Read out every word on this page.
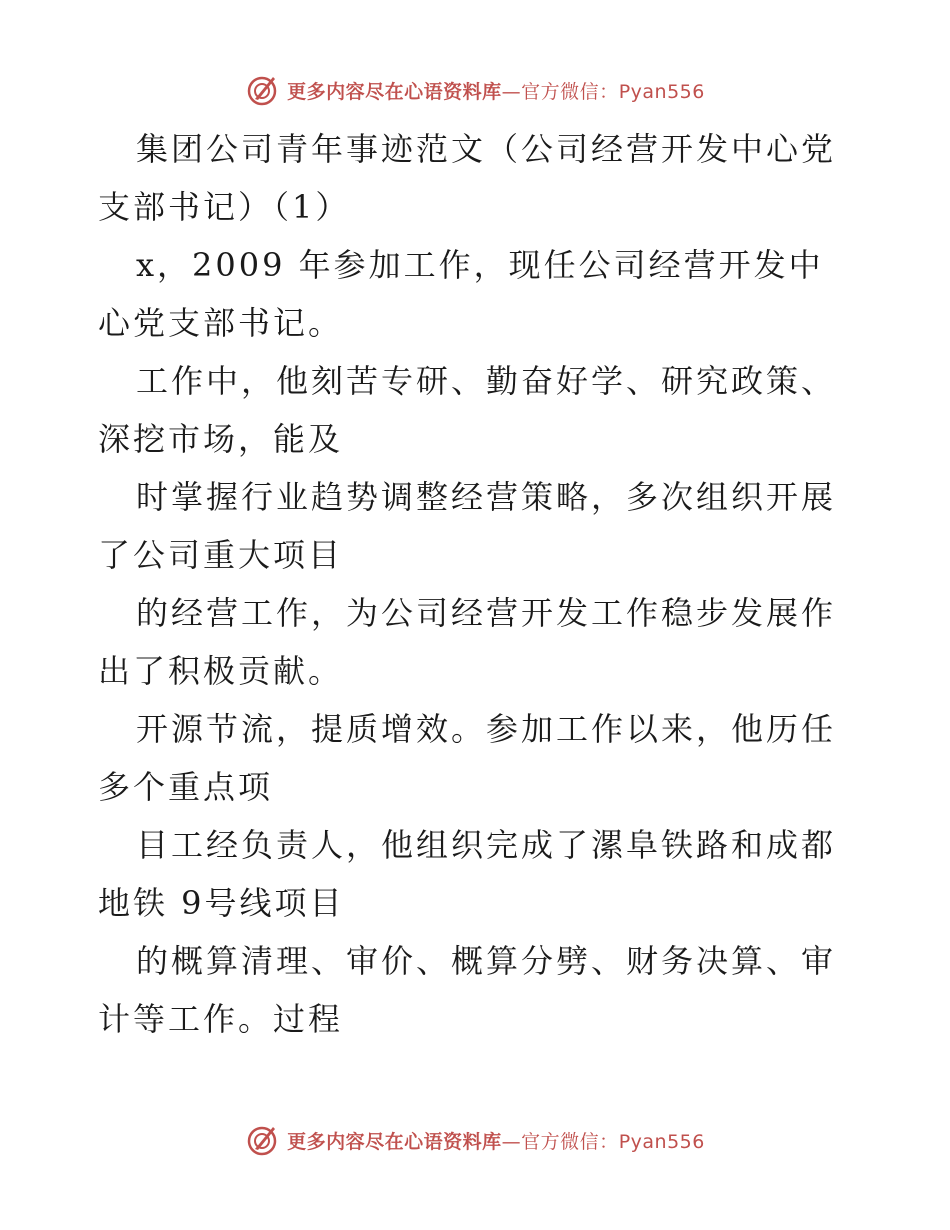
更多内容尽在心语资料库—官方微信：Pyan556

集团公司青年事迹范文（公司经营开发中心党支部书记）（1）

x，2009 年参加工作，现任公司经营开发中心党支部书记。

工作中，他刻苦专研、勤奋好学、研究政策、深挖市场，能及

时掌握行业趋势调整经营策略，多次组织开展了公司重大项目

的经营工作，为公司经营开发工作稳步发展作出了积极贡献。

开源节流，提质增效。参加工作以来，他历任多个重点项

目工经负责人，他组织完成了漯阜铁路和成都地铁 9号线项目

的概算清理、审价、概算分劈、财务决算、审计等工作。过程

更多内容尽在心语资料库—官方微信：Pyan556
